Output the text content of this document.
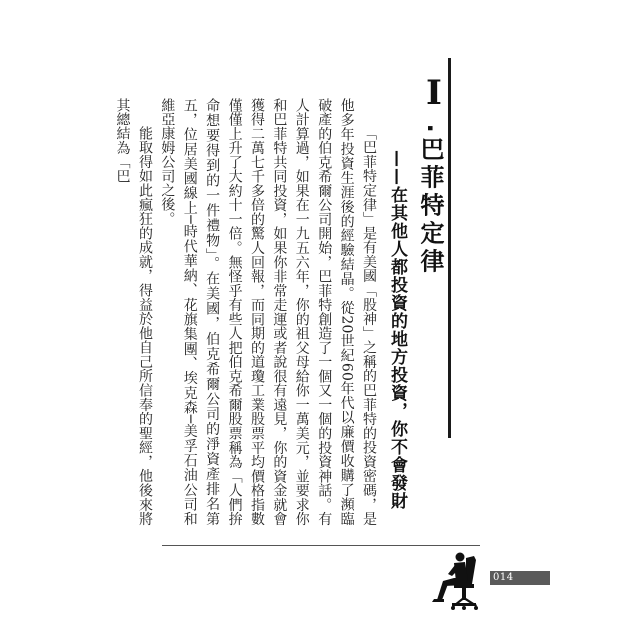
I
‧巴菲特定律
——在其他人都投資的地方投資，你不會發財

「巴菲特定律」是有美國「股神」之稱的巴菲特的投資密碼，是他多年投資生涯後的經驗結晶。從20世紀60年代以廉價收購了瀕臨破產的伯克希爾公司開始，巴菲特創造了一個又一個的投資神話。有人計算過，如果在一九五六年，你的祖父母給你一萬美元，並要求你和巴菲特共同投資，如果你非常走運或者說很有遠見，你的資金就會獲得二萬七千多倍的驚人回報，而同期的道瓊工業股票平均價格指數僅僅上升了大約十一倍。無怪乎有些人把伯克希爾股票稱為「人們拚命想要得到的一件禮物」。在美國，伯克希爾公司的淨資產排名第五，位居美國線上─時代華納、花旗集團、埃克森─美孚石油公司和維亞康姆公司之後。

能取得如此瘋狂的成就，得益於他自己所信奉的聖經，他後來將其總結為「巴

014
